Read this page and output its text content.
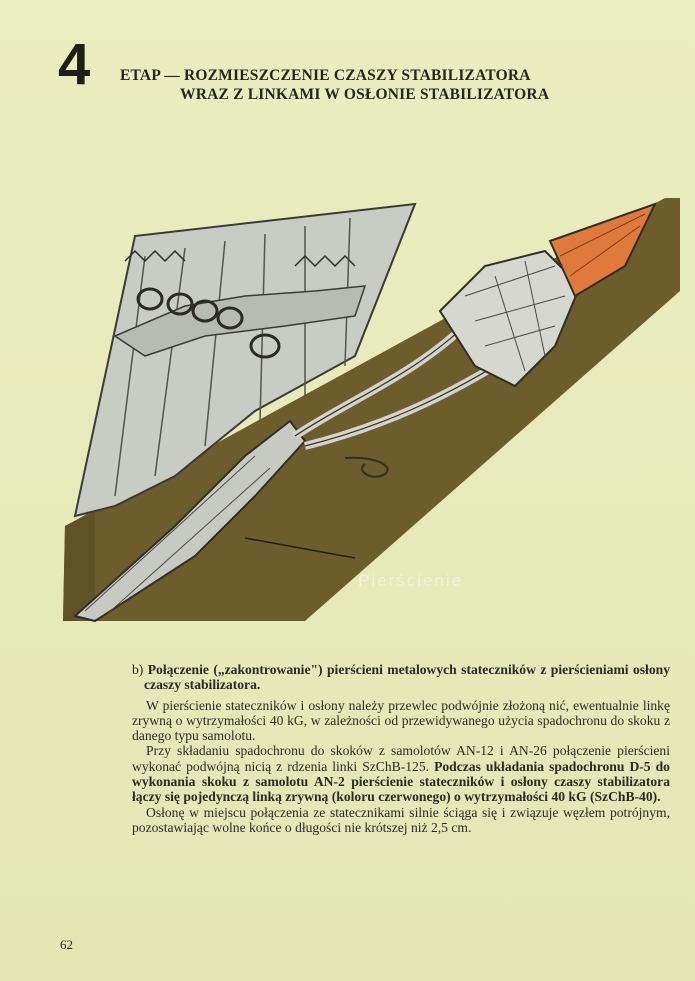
4 ETAP — ROZMIESZCZENIE CZASZY STABILIZATORA
WRAZ Z LINKAMI W OSŁONIE STABILIZATORA
Pierścienie

b) Połączenie („zakontrowanie") pierścieni metalowych stateczników z pierścieniami osłony czaszy stabilizatora.

W pierścienie stateczników i osłony należy przewlec podwójnie złożoną nić, ewentualnie linkę zrywną o wytrzymałości 40 kG, w zależności od przewidywanego użycia spadochronu do skoku z danego typu samolotu.

Przy składaniu spadochronu do skoków z samolotów AN-12 i AN-26 połączenie pierścieni wykonać podwójną nicią z rdzenia linki SzChB-125. Podczas układania spadochronu D-5 do wykonania skoku z samolotu AN-2 pierścienie stateczników i osłony czaszy stabilizatora łączy się pojedynczą linką zrywną (koloru czerwonego) o wytrzymałości 40 kG (SzChB-40).

Osłonę w miejscu połączenia ze statecznikami silnie ściąga się i związuje węzłem potrójnym, pozostawiając wolne końce o długości nie krótszej niż 2,5 cm.

62
